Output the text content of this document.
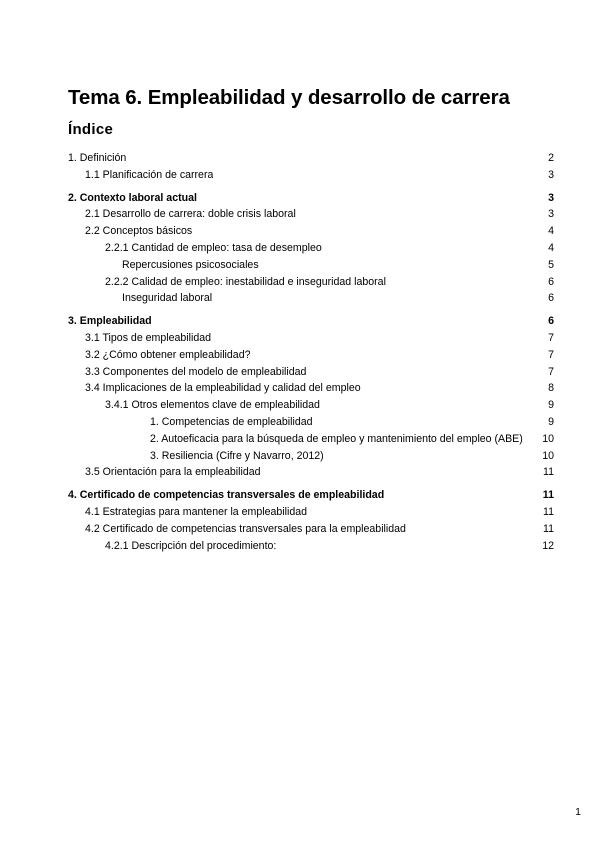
Tema 6. Empleabilidad y desarrollo de carrera
Índice
1. Definición	2
1.1 Planificación de carrera	3
2. Contexto laboral actual	3
2.1 Desarrollo de carrera: doble crisis laboral	3
2.2 Conceptos básicos	4
2.2.1 Cantidad de empleo: tasa de desempleo	4
Repercusiones psicosociales	5
2.2.2 Calidad de empleo: inestabilidad e inseguridad laboral	6
Inseguridad laboral	6
3. Empleabilidad	6
3.1 Tipos de empleabilidad	7
3.2 ¿Cómo obtener empleabilidad?	7
3.3 Componentes del modelo de empleabilidad	7
3.4 Implicaciones de la empleabilidad y calidad del empleo	8
3.4.1 Otros elementos clave de empleabilidad	9
1. Competencias de empleabilidad	9
2. Autoeficacia para la búsqueda de empleo y mantenimiento del empleo (ABE)	10
3. Resiliencia (Cifre y Navarro, 2012)	10
3.5 Orientación para la empleabilidad	11
4. Certificado de competencias transversales de empleabilidad	11
4.1 Estrategias para mantener la empleabilidad	11
4.2 Certificado de competencias transversales para la empleabilidad	11
4.2.1 Descripción del procedimiento:	12
1
